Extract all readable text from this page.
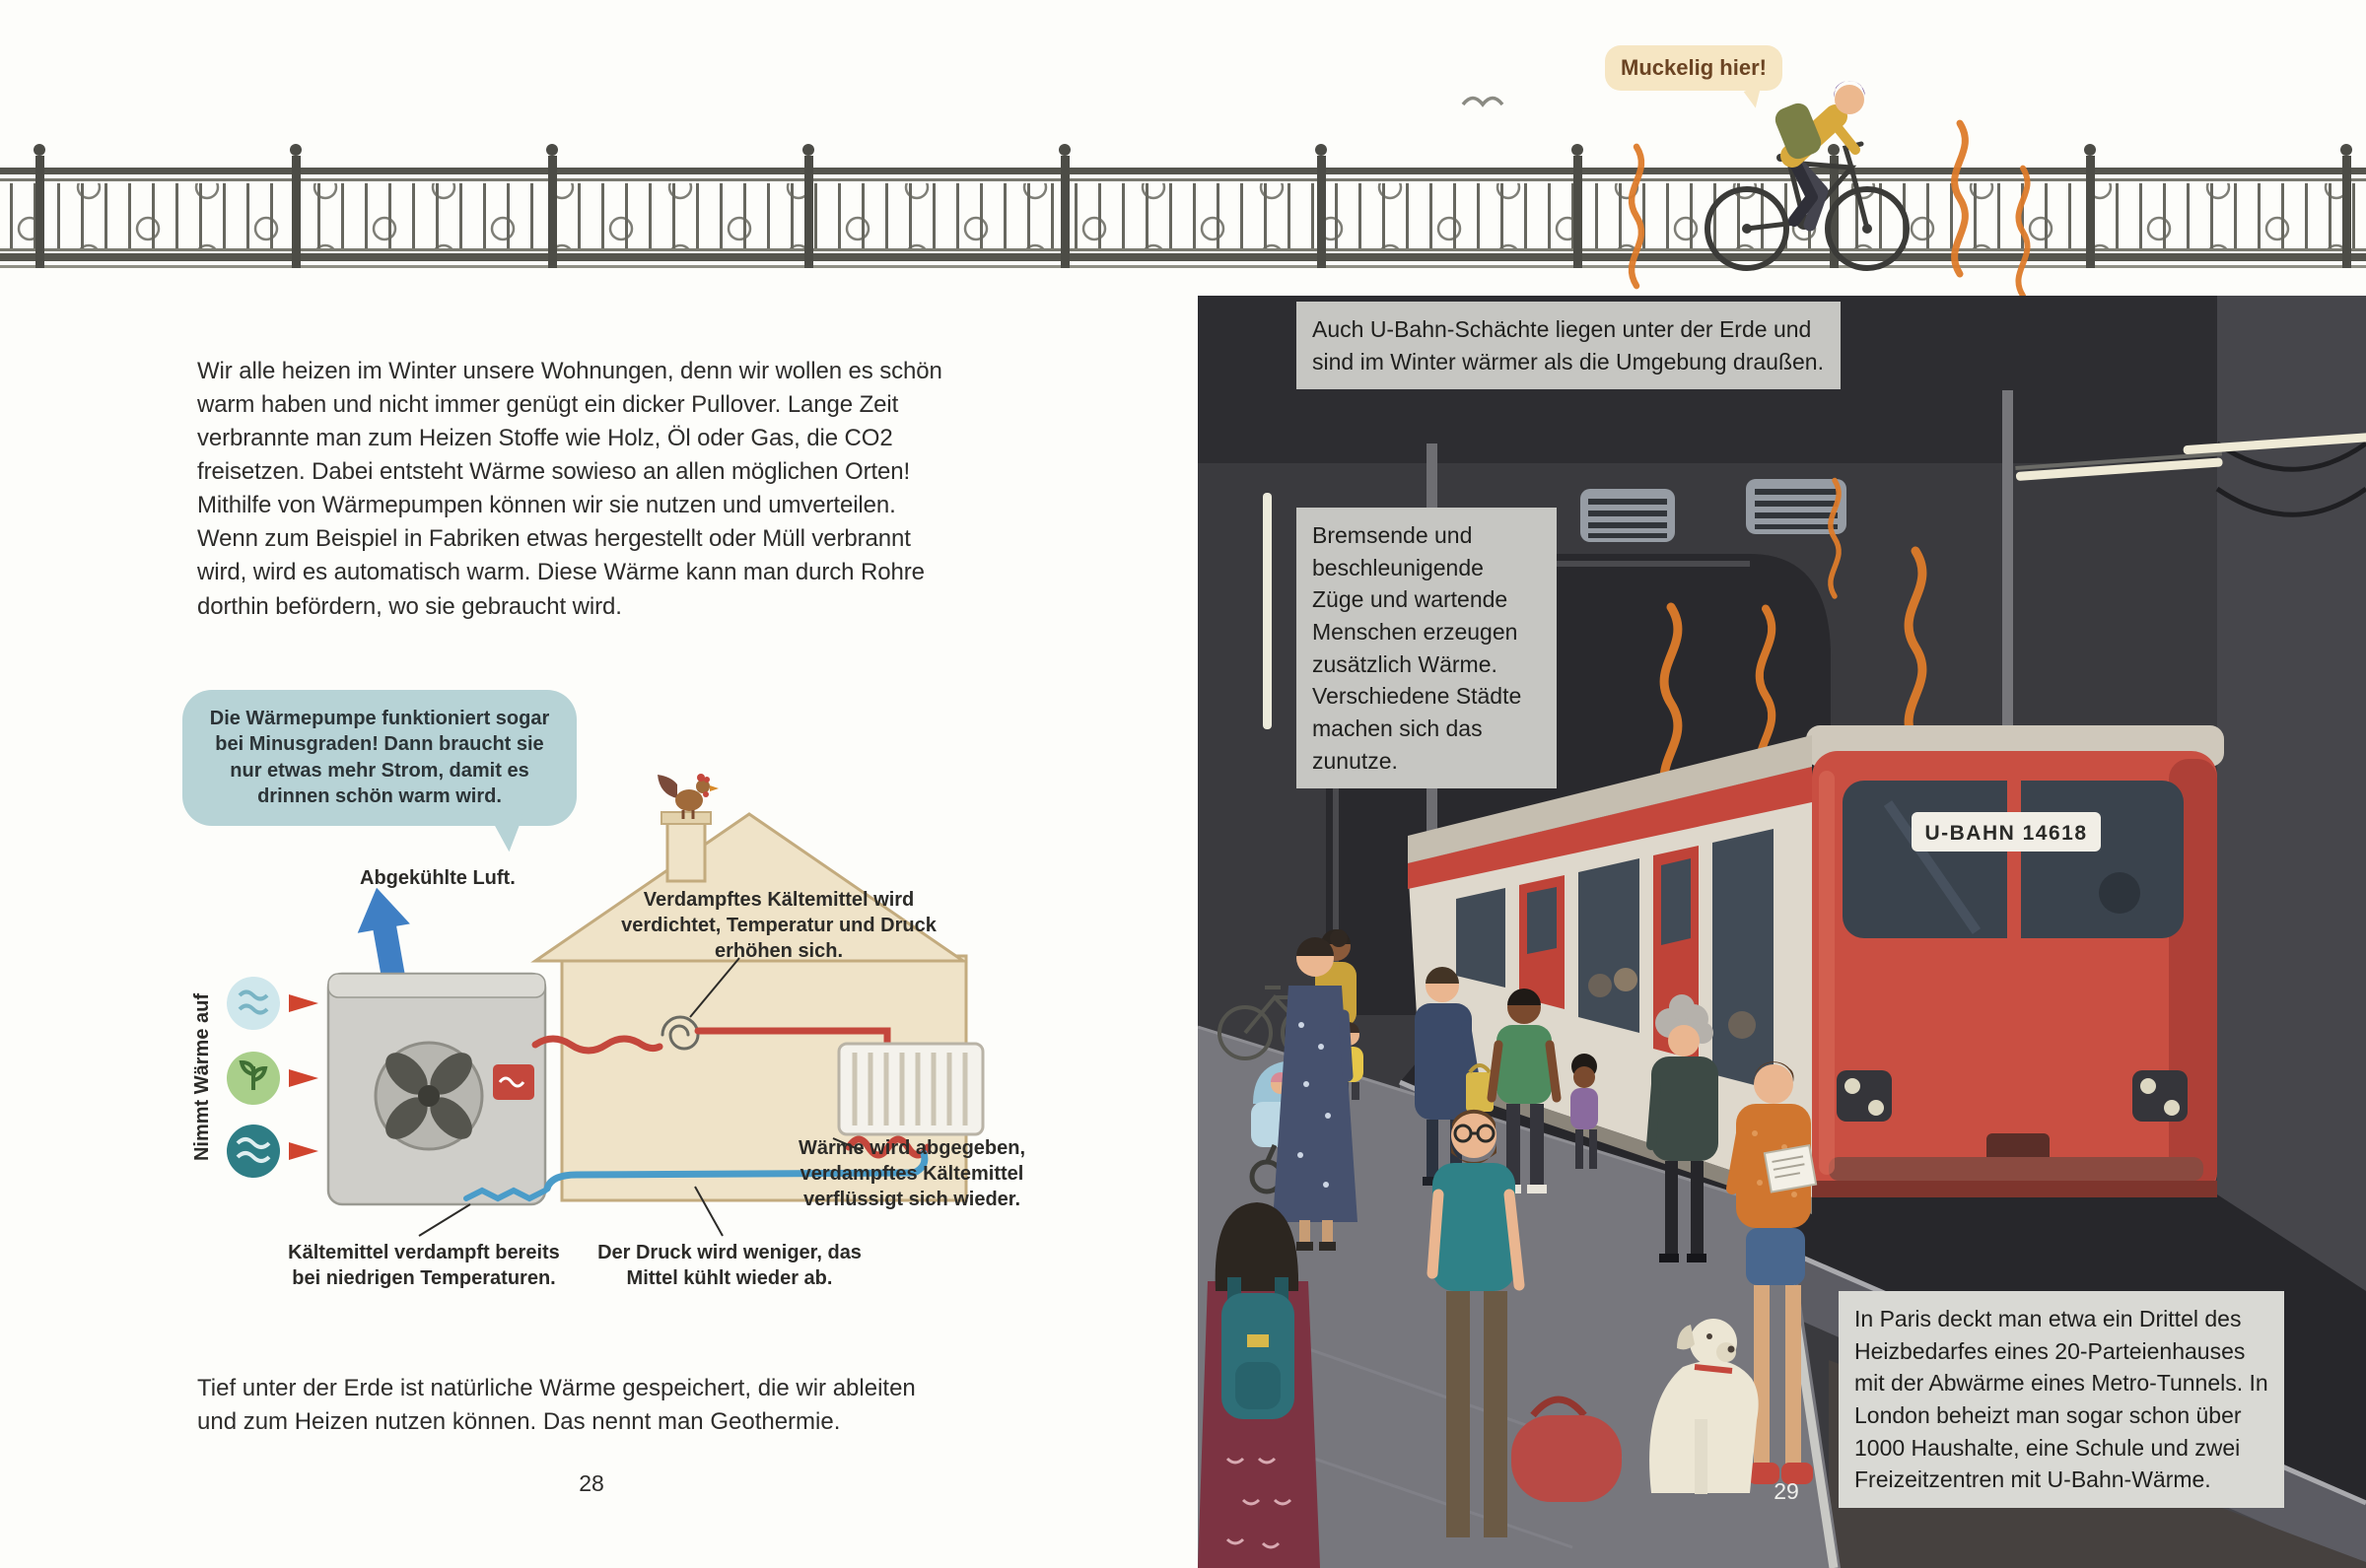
Muckelig hier!

Wir alle heizen im Winter unsere Wohnungen, denn wir wollen es schön warm haben und nicht immer genügt ein dicker Pullover. Lange Zeit verbrannte man zum Heizen Stoffe wie Holz, Öl oder Gas, die CO2 freisetzen. Dabei entsteht Wärme sowieso an allen möglichen Orten! Mithilfe von Wärmepumpen können wir sie nutzen und umverteilen. Wenn zum Beispiel in Fabriken etwas hergestellt oder Müll verbrannt wird, wird es automatisch warm. Diese Wärme kann man durch Rohre dorthin befördern, wo sie gebraucht wird.

Die Wärmepumpe funktioniert sogar bei Minusgraden! Dann braucht sie nur etwas mehr Strom, damit es drinnen schön warm wird.
Abgekühlte Luft.
Nimmt Wärme auf
Verdampftes Kältemittel wird verdichtet, Temperatur und Druck erhöhen sich.
Wärme wird abgegeben, verdampftes Kältemittel verflüssigt sich wieder.
Kältemittel verdampft bereits bei niedrigen Temperaturen.
Der Druck wird weniger, das Mittel kühlt wieder ab.

Tief unter der Erde ist natürliche Wärme gespeichert, die wir ableiten und zum Heizen nutzen können. Das nennt man Geothermie.

28
U-BAHN 14618
Auch U-Bahn-Schächte liegen unter der Erde und sind im Winter wärmer als die Umgebung draußen.
Bremsende und beschleunigende Züge und wartende Menschen erzeugen zusätzlich Wärme. Verschiedene Städte machen sich das zunutze.
In Paris deckt man etwa ein Drittel des Heizbedarfes eines 20-Parteienhauses mit der Abwärme eines Metro-Tunnels. In London beheizt man sogar schon über 1000 Haushalte, eine Schule und zwei Freizeitzentren mit U-Bahn-Wärme.
29
